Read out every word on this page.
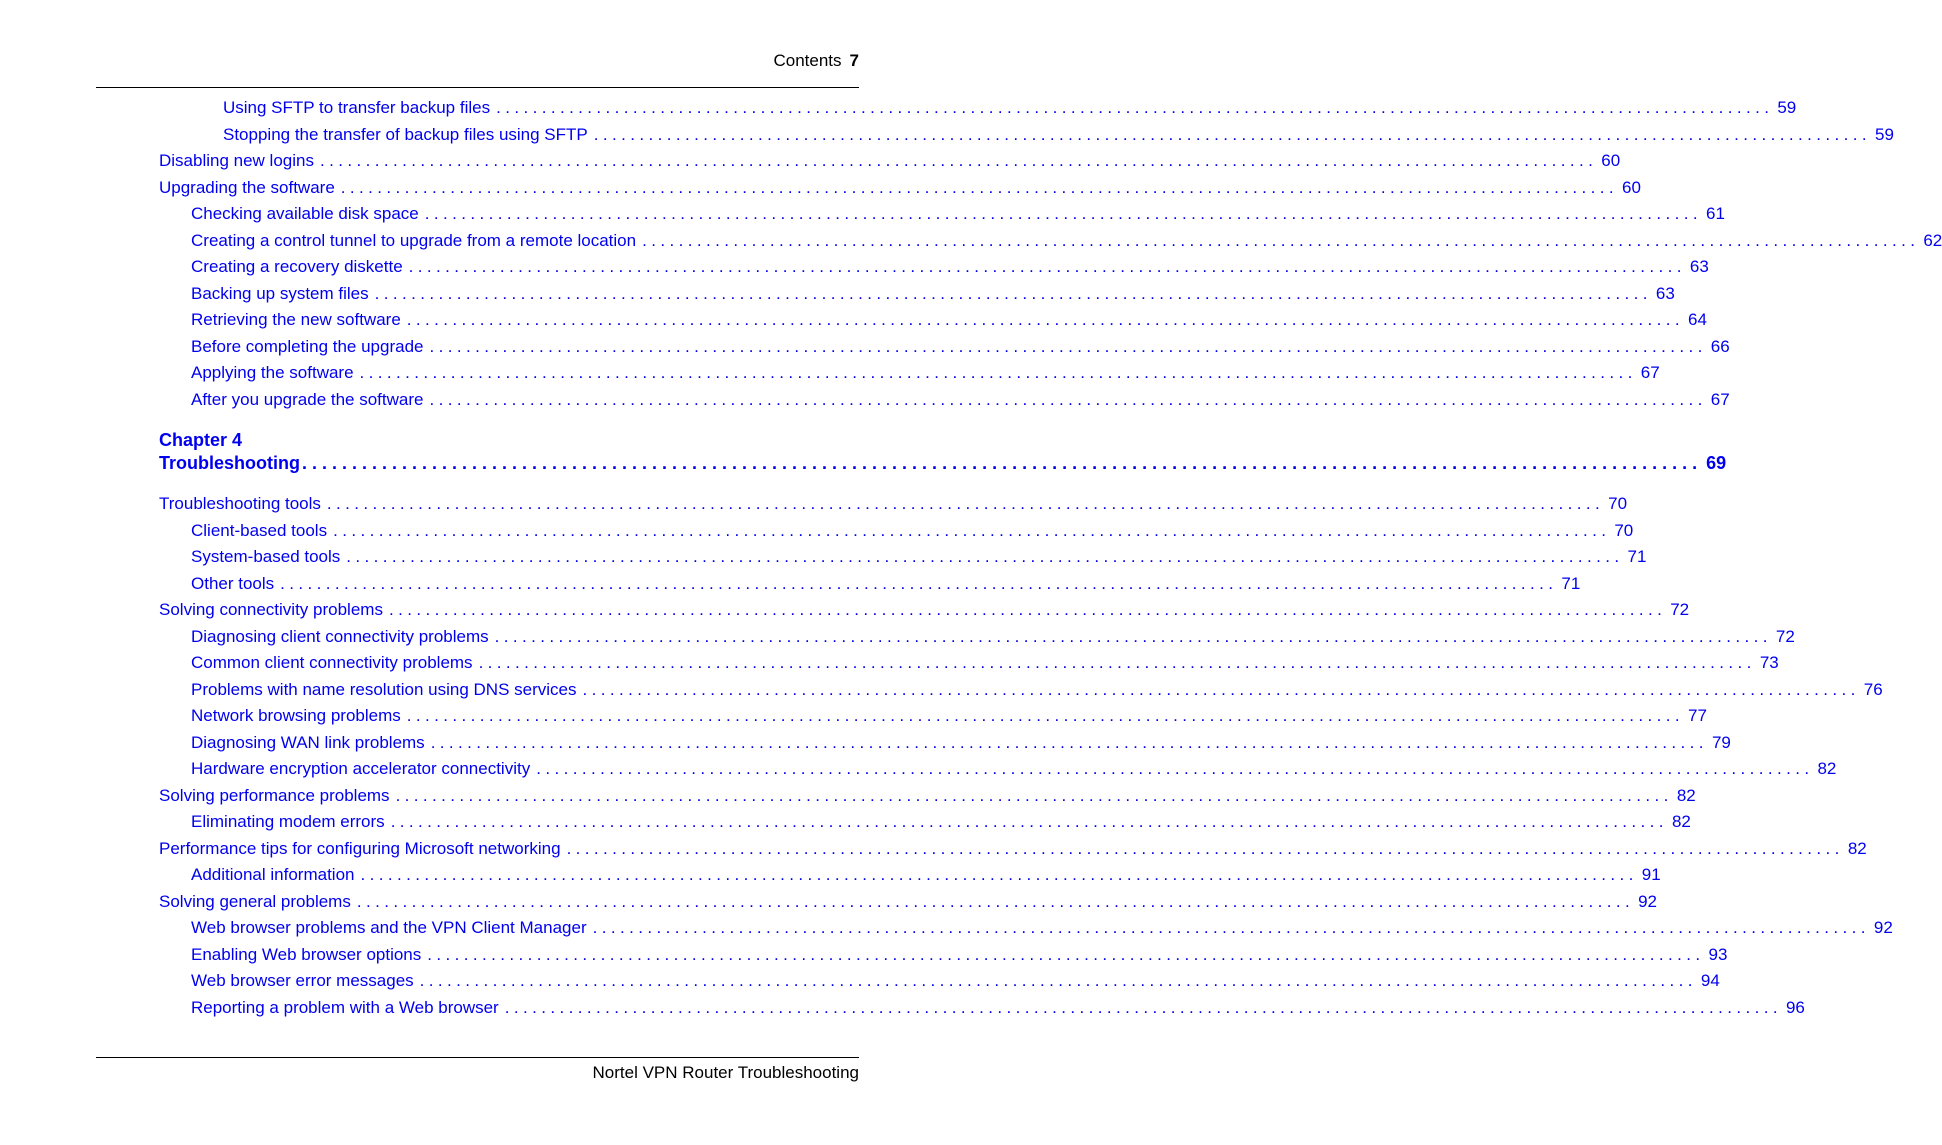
Contents 7
Chapter 4
Troubleshooting ............................................................................................................................................ 69
Using SFTP to transfer backup files ............................................................................................................................................ 59
Stopping the transfer of backup files using SFTP ............................................................................................................................................ 59
Disabling new logins ............................................................................................................................................ 60
Upgrading the software ............................................................................................................................................ 60
Checking available disk space ............................................................................................................................................ 61
Creating a control tunnel to upgrade from a remote location ............................................................................................................................................ 62
Creating a recovery diskette ............................................................................................................................................ 63
Backing up system files ............................................................................................................................................ 63
Retrieving the new software ............................................................................................................................................ 64
Before completing the upgrade ............................................................................................................................................ 66
Applying the software ............................................................................................................................................ 67
After you upgrade the software ............................................................................................................................................ 67
Troubleshooting tools ............................................................................................................................................ 70
Client-based tools ............................................................................................................................................ 70
System-based tools ............................................................................................................................................ 71
Other tools ............................................................................................................................................ 71
Solving connectivity problems ............................................................................................................................................ 72
Diagnosing client connectivity problems ............................................................................................................................................ 72
Common client connectivity problems ............................................................................................................................................ 73
Problems with name resolution using DNS services ............................................................................................................................................ 76
Network browsing problems ............................................................................................................................................ 77
Diagnosing WAN link problems ............................................................................................................................................ 79
Hardware encryption accelerator connectivity ............................................................................................................................................ 82
Solving performance problems ............................................................................................................................................ 82
Eliminating modem errors ............................................................................................................................................ 82
Performance tips for configuring Microsoft networking ............................................................................................................................................ 82
Additional information ............................................................................................................................................ 91
Solving general problems ............................................................................................................................................ 92
Web browser problems and the VPN Client Manager ............................................................................................................................................ 92
Enabling Web browser options ............................................................................................................................................ 93
Web browser error messages ............................................................................................................................................ 94
Reporting a problem with a Web browser ............................................................................................................................................ 96
Nortel VPN Router Troubleshooting
